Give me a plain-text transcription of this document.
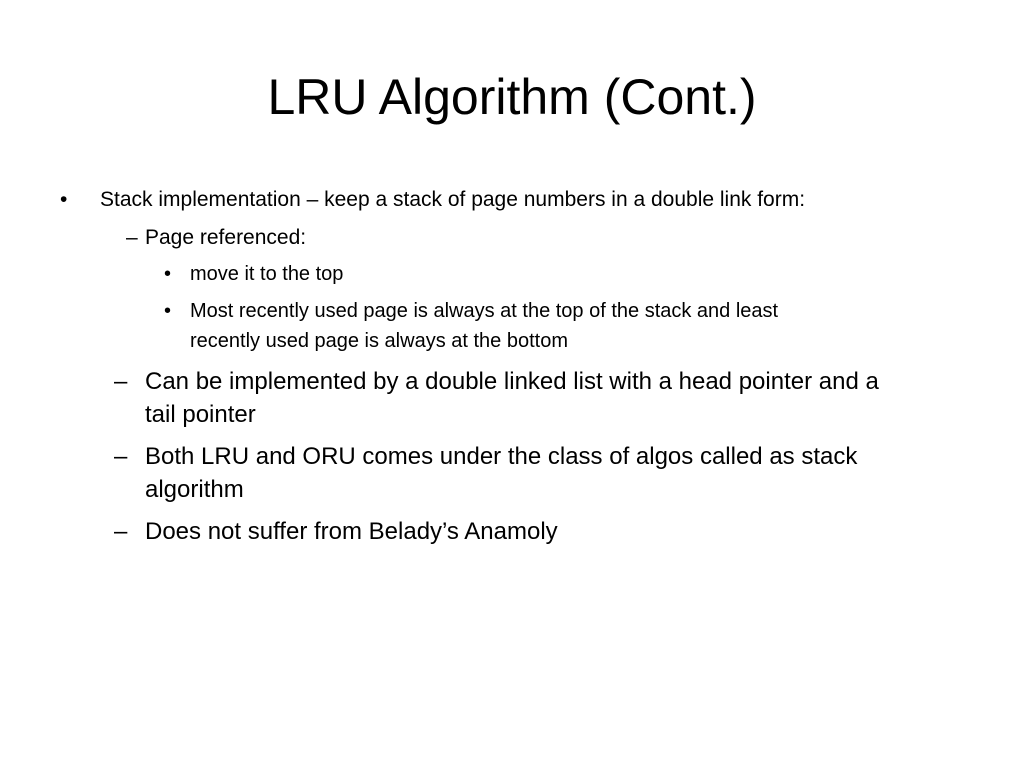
LRU Algorithm (Cont.)
• Stack implementation – keep a stack of page numbers in a double link form:
– Page referenced:
• move it to the top
• Most recently used page is always at the top of the stack and least
recently used page is always at the bottom
– Can be implemented by a double linked list with a head pointer and a
tail pointer
– Both LRU and ORU comes under the class of algos called as stack
algorithm
– Does not suffer from Belady’s Anamoly
